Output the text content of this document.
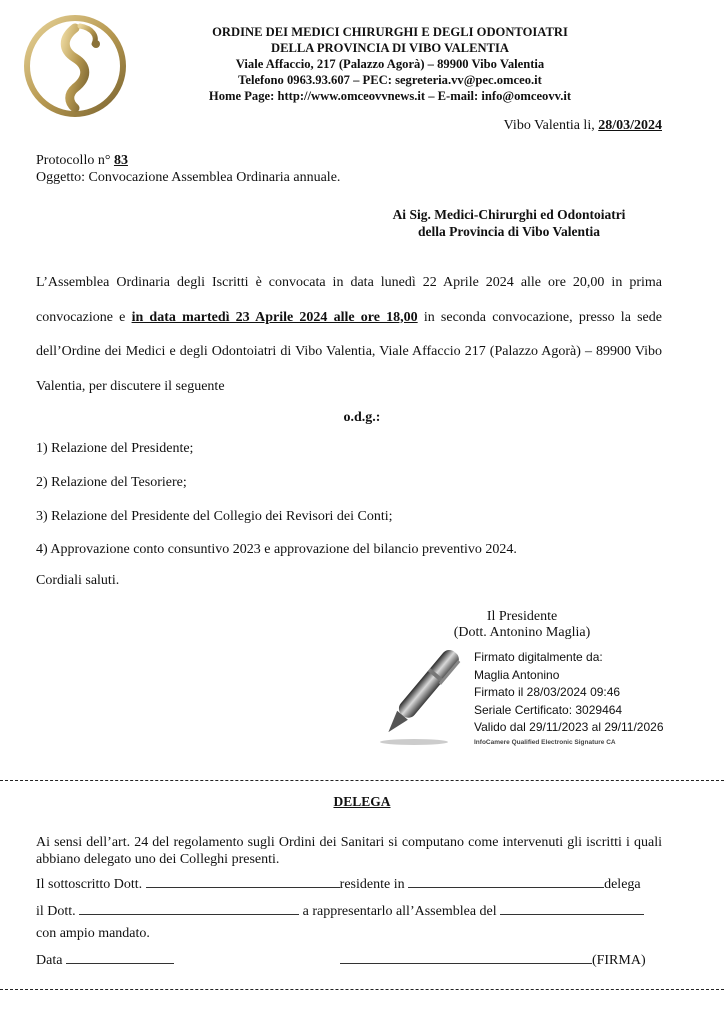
ORDINE DEI MEDICI CHIRURGHI E DEGLI ODONTOIATRI
DELLA PROVINCIA DI VIBO VALENTIA
Viale Affaccio, 217 (Palazzo Agorà) – 89900 Vibo Valentia
Telefono 0963.93.607 – PEC: segreteria.vv@pec.omceo.it
Home Page: http://www.omceovvnews.it – E-mail: info@omceovv.it
Vibo Valentia li, 28/03/2024
Protocollo n° 83
Oggetto: Convocazione Assemblea Ordinaria annuale.
Ai Sig. Medici-Chirurghi ed Odontoiatri
della Provincia di Vibo Valentia
L’Assemblea Ordinaria degli Iscritti è convocata in data lunedì 22 Aprile 2024 alle ore 20,00 in prima convocazione e in data martedì 23 Aprile 2024 alle ore 18,00 in seconda convocazione, presso la sede dell’Ordine dei Medici e degli Odontoiatri di Vibo Valentia, Viale Affaccio 217 (Palazzo Agorà) – 89900 Vibo Valentia, per discutere il seguente
o.d.g.:
1) Relazione del Presidente;
2) Relazione del Tesoriere;
3) Relazione del Presidente del Collegio dei Revisori dei Conti;
4) Approvazione conto consuntivo 2023 e approvazione del bilancio preventivo 2024.
Cordiali saluti.
Il Presidente
(Dott. Antonino Maglia)
Firmato digitalmente da:
Maglia Antonino
Firmato il 28/03/2024 09:46
Seriale Certificato: 3029464
Valido dal 29/11/2023 al 29/11/2026
InfoCamere Qualified Electronic Signature CA
DELEGA
Ai sensi dell’art. 24 del regolamento sugli Ordini dei Sanitari si computano come intervenuti gli iscritti i quali abbiano delegato uno dei Colleghi presenti.
Il sottoscritto Dott.	residente in	delega
il Dott.	a rappresentarlo all’Assemblea del
con ampio mandato.
Data	(FIRMA)
